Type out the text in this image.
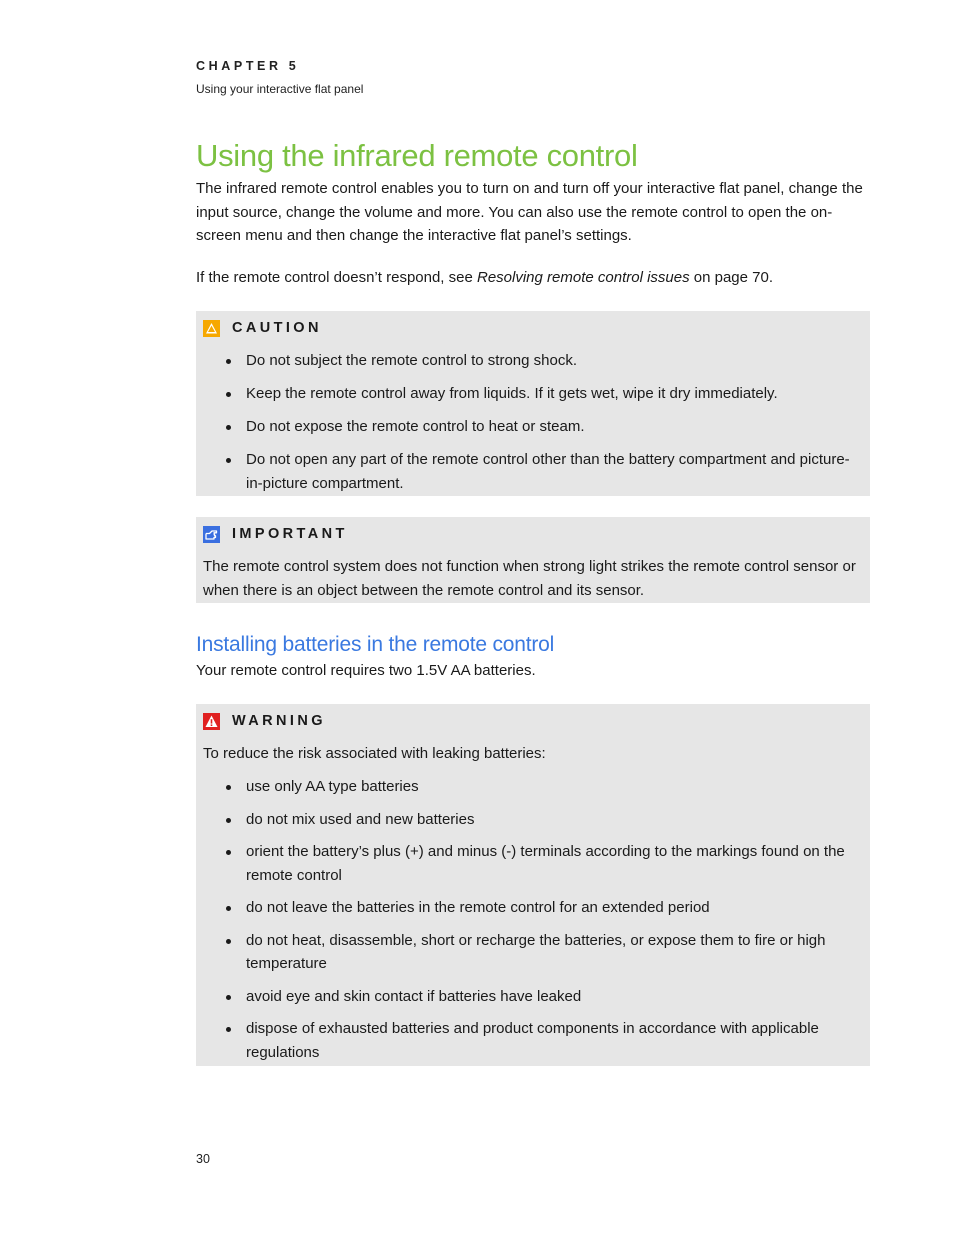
CHAPTER 5
Using your interactive flat panel
Using the infrared remote control

The infrared remote control enables you to turn on and turn off your interactive flat panel, change the input source, change the volume and more. You can also use the remote control to open the on-screen menu and then change the interactive flat panel’s settings.

If the remote control doesn’t respond, see Resolving remote control issues on page 70.

CAUTION
Do not subject the remote control to strong shock.
Keep the remote control away from liquids. If it gets wet, wipe it dry immediately.
Do not expose the remote control to heat or steam.
Do not open any part of the remote control other than the battery compartment and picture-in-picture compartment.
IMPORTANT

The remote control system does not function when strong light strikes the remote control sensor or when there is an object between the remote control and its sensor.

Installing batteries in the remote control

Your remote control requires two 1.5V AA batteries.

WARNING

To reduce the risk associated with leaking batteries:

use only AA type batteries
do not mix used and new batteries
orient the battery’s plus (+) and minus (-) terminals according to the markings found on the remote control
do not leave the batteries in the remote control for an extended period
do not heat, disassemble, short or recharge the batteries, or expose them to fire or high temperature
avoid eye and skin contact if batteries have leaked
dispose of exhausted batteries and product components in accordance with applicable regulations
30
